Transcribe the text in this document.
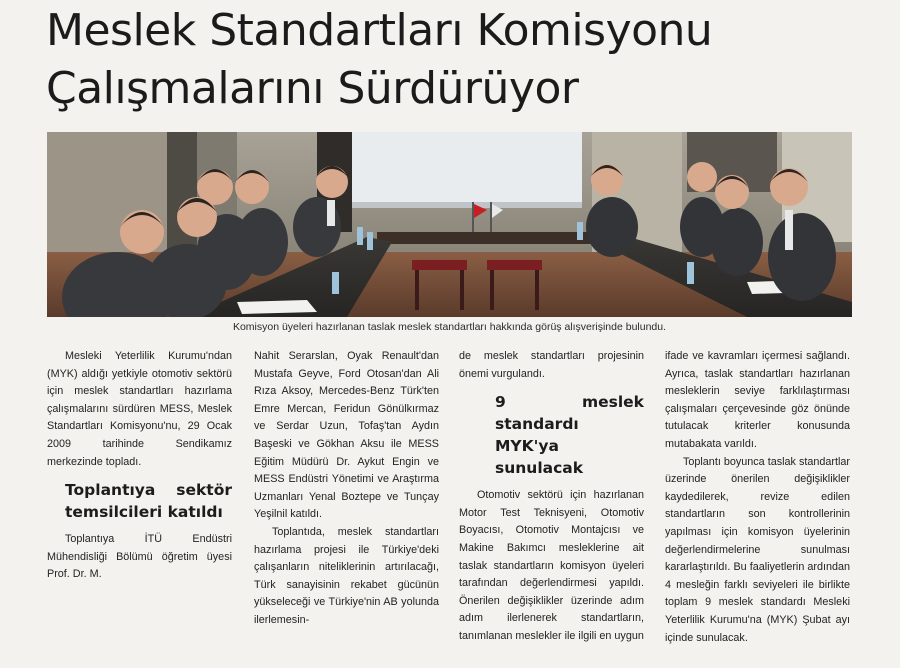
Meslek Standartları Komisyonu
Çalışmalarını Sürdürüyor
Komisyon üyeleri hazırlanan taslak meslek standartları hakkında görüş alışverişinde bulundu.

Mesleki Yeterlilik Kurumu'ndan (MYK) aldığı yetkiyle otomotiv sektörü için meslek standartları hazırlama çalışmalarını sürdüren MESS, Meslek Standartları Komisyonu'nu, 29 Ocak 2009 tarihinde Sendikamız merkezinde topladı.

Toplantıya sektör temsilcileri katıldı

Toplantıya İTÜ Endüstri Mühendisliği Bölümü öğretim üyesi Prof. Dr. M.

Nahit Serarslan, Oyak Renault'dan Mustafa Geyve, Ford Otosan'dan Ali Rıza Aksoy, Mercedes-Benz Türk'ten Emre Mercan, Feridun Gönülkırmaz ve Serdar Uzun, Tofaş'tan Aydın Başeski ve Gökhan Aksu ile MESS Eğitim Müdürü Dr. Aykut Engin ve MESS Endüstri Yönetimi ve Araştırma Uzmanları Yenal Boztepe ve Tunçay Yeşilnil katıldı.

Toplantıda, meslek standartları hazırlama projesi ile Türkiye'deki çalışanların niteliklerinin artırılacağı, Türk sanayisinin rekabet gücünün yükseleceği ve Türkiye'nin AB yolunda ilerlemesin-

de meslek standartları projesinin önemi vurgulandı.

9 meslek standardı MYK'ya sunulacak

Otomotiv sektörü için hazırlanan Motor Test Teknisyeni, Otomotiv Boyacısı, Otomotiv Montajcısı ve Makine Bakımcı mesleklerine ait taslak standartların komisyon üyeleri tarafından değerlendirmesi yapıldı. Önerilen değişiklikler üzerinde adım adım ilerlenerek standartların, tanımlanan meslekler ile ilgili en uygun

ifade ve kavramları içermesi sağlandı. Ayrıca, taslak standartları hazırlanan mesleklerin seviye farklılaştırması çalışmaları çerçevesinde göz önünde tutulacak kriterler konusunda mutabakata varıldı.

Toplantı boyunca taslak standartlar üzerinde önerilen değişiklikler kaydedilerek, revize edilen standartların son kontrollerinin yapılması için komisyon üyelerinin değerlendirmelerine sunulması kararlaştırıldı. Bu faaliyetlerin ardından 4 mesleğin farklı seviyeleri ile birlikte toplam 9 meslek standardı Mesleki Yeterlilik Kurumu'na (MYK) Şubat ayı içinde sunulacak.
